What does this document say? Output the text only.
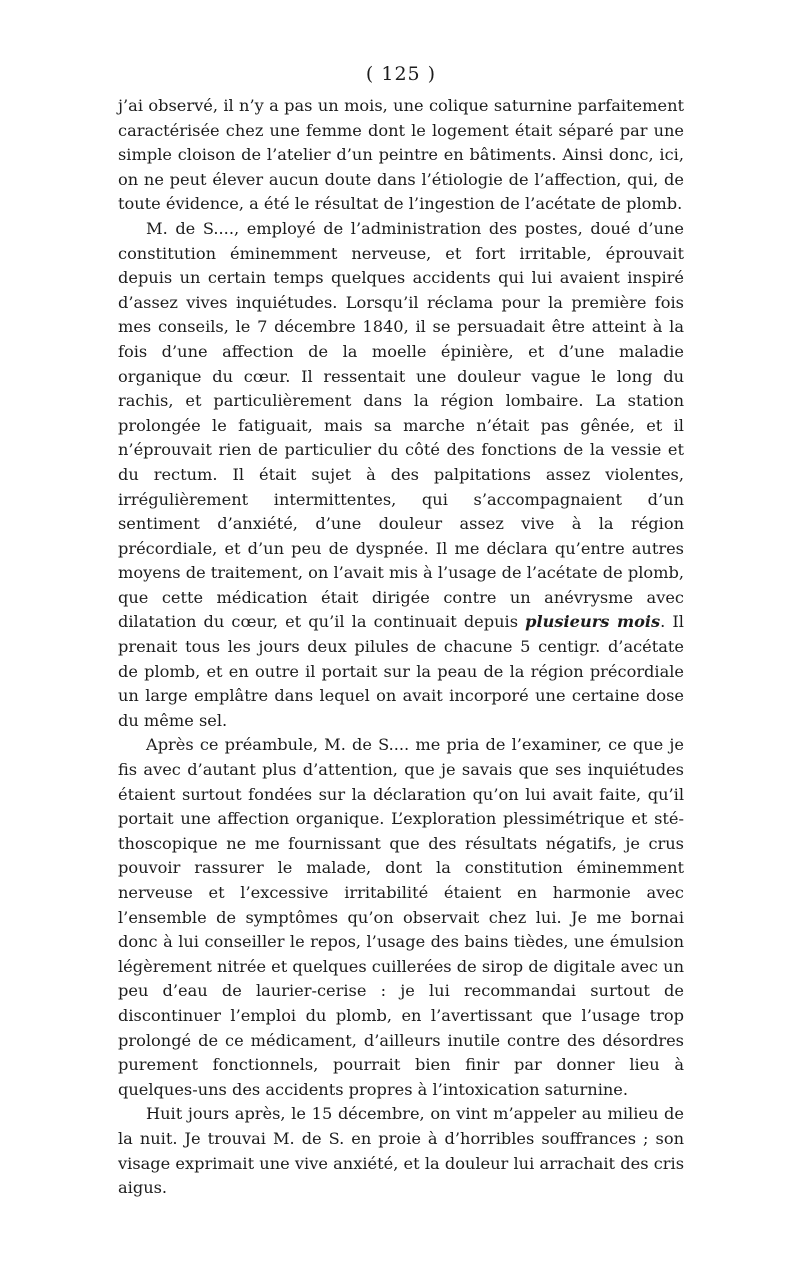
( 125 )

j’ai observé, il n’y a pas un mois, une colique saturnine parfaitement caractérisée chez une femme dont le logement était séparé par une simple cloison de l’atelier d’un peintre en bâtiments. Ainsi donc, ici, on ne peut élever aucun doute dans l’étiologie de l’affection, qui, de toute évidence, a été le résultat de l’ingestion de l’acétate de plomb.

M. de S...., employé de l’administration des postes, doué d’une constitution éminemment nerveuse, et fort irritable, éprouvait depuis un certain temps quelques accidents qui lui avaient inspiré d’assez vives inquiétudes. Lorsqu’il réclama pour la première fois mes conseils, le 7 décembre 1840, il se persuadait être atteint à la fois d’une affection de la moelle épinière, et d’une maladie organique du cœur. Il ressentait une douleur vague le long du rachis, et particulièrement dans la région lombaire. La station prolongée le fatiguait, mais sa marche n’était pas gênée, et il n’éprouvait rien de particulier du côté des fonctions de la vessie et du rectum. Il était sujet à des palpitations assez violentes, irrégulièrement intermittentes, qui s’accompagnaient d’un sentiment d’anxiété, d’une douleur assez vive à la région précordiale, et d’un peu de dyspnée. Il me déclara qu’entre autres moyens de traitement, on l’avait mis à l’usage de l’acétate de plomb, que cette médication était dirigée contre un anévrysme avec dilatation du cœur, et qu’il la continuait depuis plusieurs mois. Il prenait tous les jours deux pilules de chacune 5 centigr. d’acétate de plomb, et en outre il portait sur la peau de la région précordiale un large emplâtre dans lequel on avait incorporé une certaine dose du même sel.

Après ce préambule, M. de S.... me pria de l’examiner, ce que je fis avec d’autant plus d’attention, que je savais que ses inquiétudes étaient surtout fondées sur la déclaration qu’on lui avait faite, qu’il portait une affection organique. L’exploration plessimétrique et stéthoscopique ne me fournissant que des résultats négatifs, je crus pouvoir rassurer le malade, dont la constitution éminemment nerveuse et l’excessive irritabilité étaient en harmonie avec l’ensemble de symptômes qu’on observait chez lui. Je me bornai donc à lui conseiller le repos, l’usage des bains tièdes, une émulsion légèrement nitrée et quelques cuillerées de sirop de digitale avec un peu d’eau de laurier-cerise : je lui recommandai surtout de discontinuer l’emploi du plomb, en l’avertissant que l’usage trop prolongé de ce médicament, d’ailleurs inutile contre des désordres purement fonctionnels, pourrait bien finir par donner lieu à quelques-uns des accidents propres à l’intoxication saturnine.

Huit jours après, le 15 décembre, on vint m’appeler au milieu de la nuit. Je trouvai M. de S. en proie à d’horribles souffrances ; son visage exprimait une vive anxiété, et la douleur lui arrachait des cris aigus.
